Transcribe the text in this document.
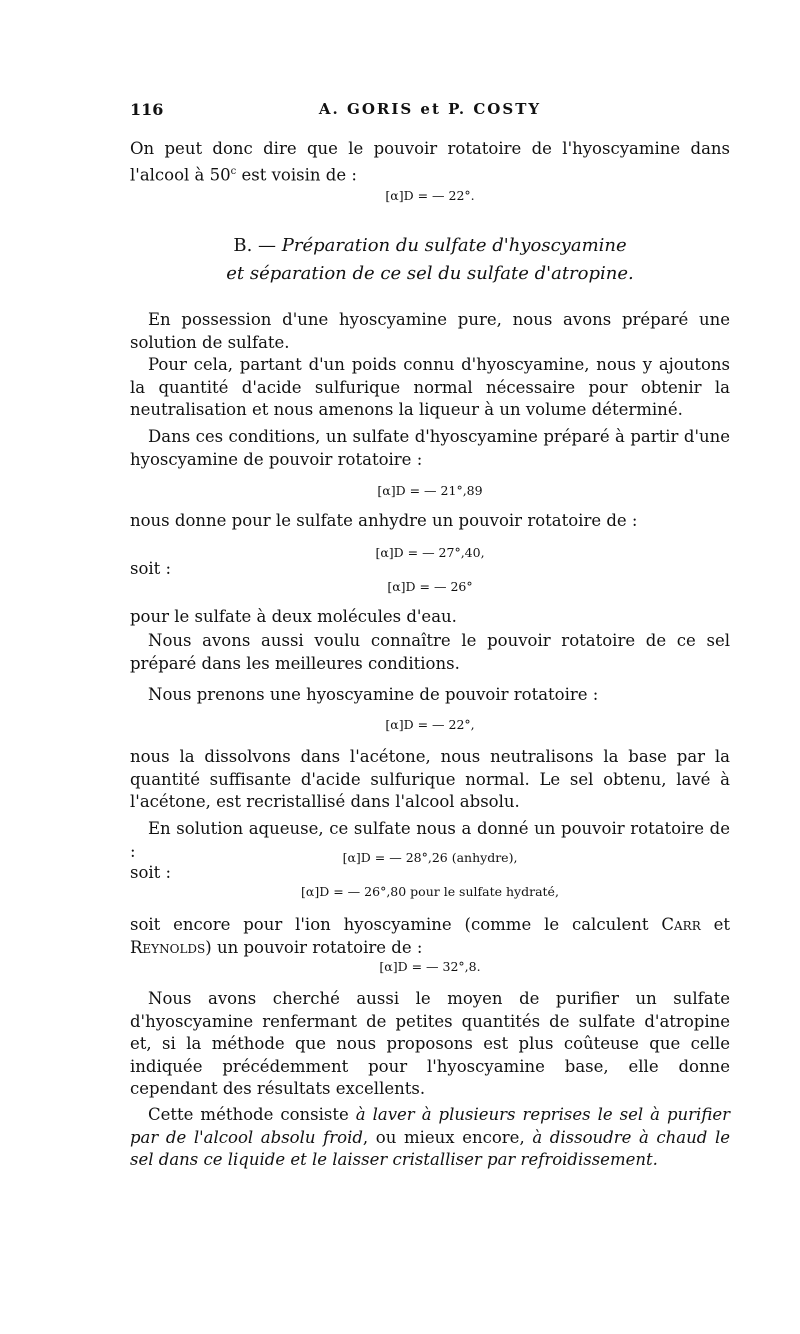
116	A. GORIS et P. COSTY
On peut donc dire que le pouvoir rotatoire de l'hyoscyamine dans l'alcool à 50$^c$ est voisin de :
[α]D = — 22°.
B. — Préparation du sulfate d'hyoscyamine
et séparation de ce sel du sulfate d'atropine.
En possession d'une hyoscyamine pure, nous avons préparé une solution de sulfate.
Pour cela, partant d'un poids connu d'hyoscyamine, nous y ajoutons la quantité d'acide sulfurique normal nécessaire pour obtenir la neutralisation et nous amenons la liqueur à un volume déterminé.
Dans ces conditions, un sulfate d'hyoscyamine préparé à partir d'une hyoscyamine de pouvoir rotatoire :
[α]D = — 21°,89
nous donne pour le sulfate anhydre un pouvoir rotatoire de :
[α]D = — 27°,40,
soit :
[α]D = — 26°
pour le sulfate à deux molécules d'eau.
Nous avons aussi voulu connaître le pouvoir rotatoire de ce sel préparé dans les meilleures conditions.
Nous prenons une hyoscyamine de pouvoir rotatoire :
[α]D = — 22°,
nous la dissolvons dans l'acétone, nous neutralisons la base par la quantité suffisante d'acide sulfurique normal. Le sel obtenu, lavé à l'acétone, est recristallisé dans l'alcool absolu.
En solution aqueuse, ce sulfate nous a donné un pouvoir rotatoire de :	[α]D = — 28°,26 (anhydre),
soit :
[α]D = — 26°,80 pour le sulfate hydraté,
soit encore pour l'ion hyoscyamine (comme le calculent Carr et Reynolds) un pouvoir rotatoire de :
[α]D = — 32°,8.
Nous avons cherché aussi le moyen de purifier un sulfate d'hyoscyamine renfermant de petites quantités de sulfate d'atropine et, si la méthode que nous proposons est plus coûteuse que celle indiquée précédemment pour l'hyoscyamine base, elle donne cependant des résultats excellents.
Cette méthode consiste à laver à plusieurs reprises le sel à purifier par de l'alcool absolu froid, ou mieux encore, à dissoudre à chaud le sel dans ce liquide et le laisser cristalliser par refroidissement.
